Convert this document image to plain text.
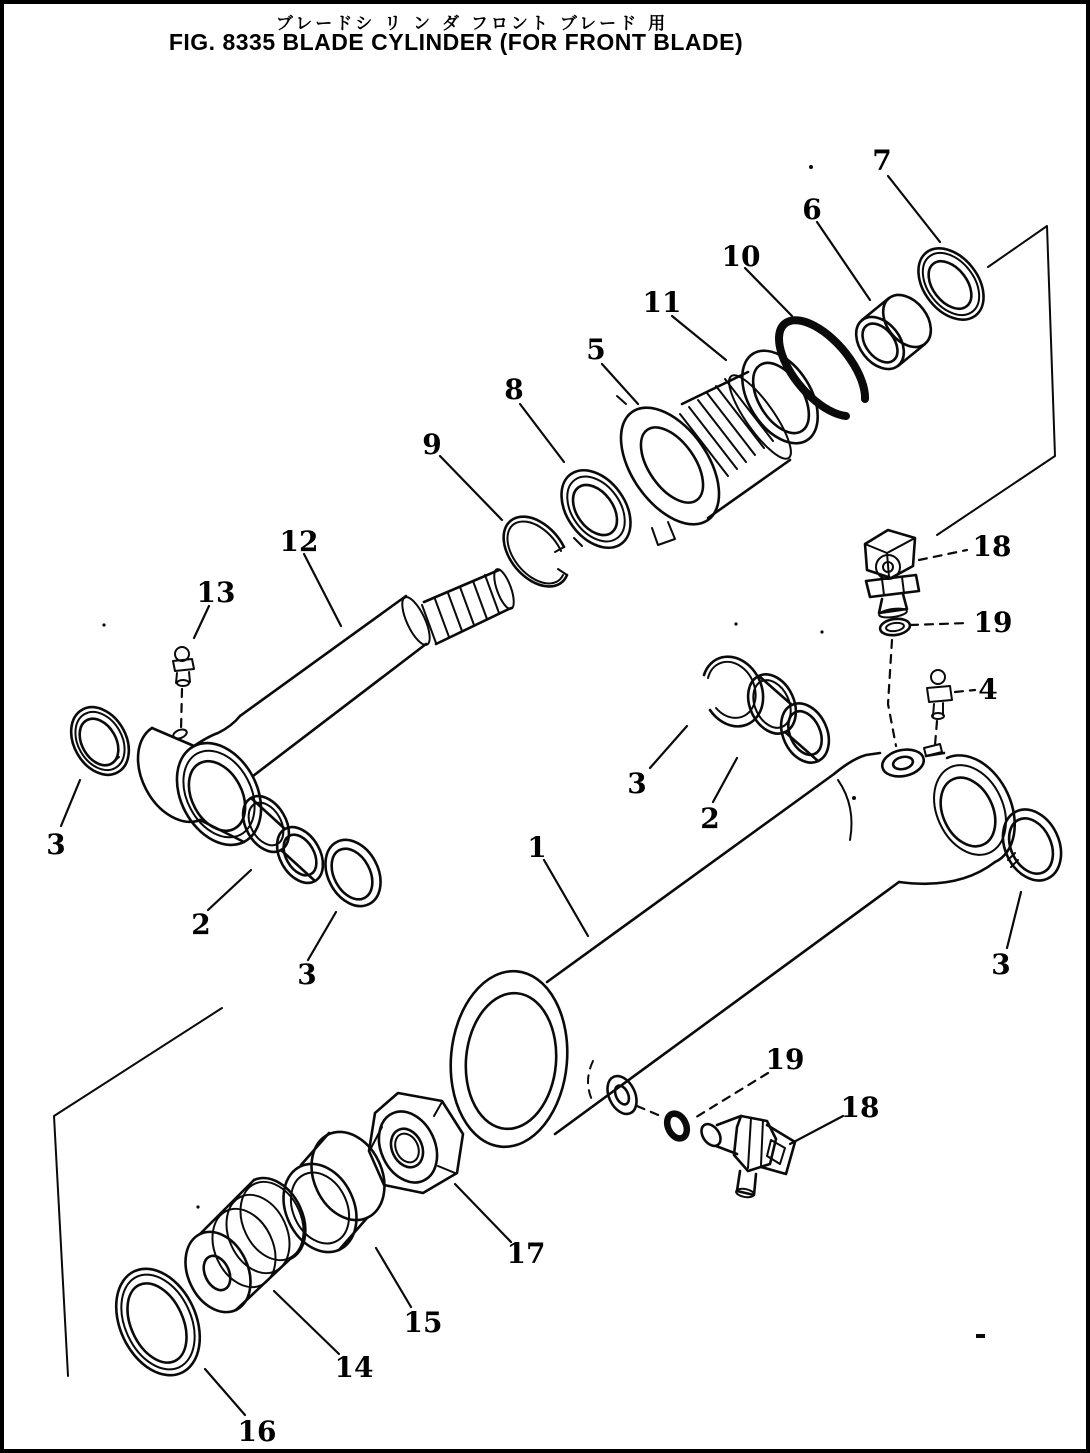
ブレードシ リ ン ダ フロント ブレード 用
FIG. 8335 BLADE CYLINDER (FOR FRONT BLADE)
7
6
10
11
5
8
9
12
13
3
2
3
1
3
2
18
19
4
3
19
18
17
15
14
16
